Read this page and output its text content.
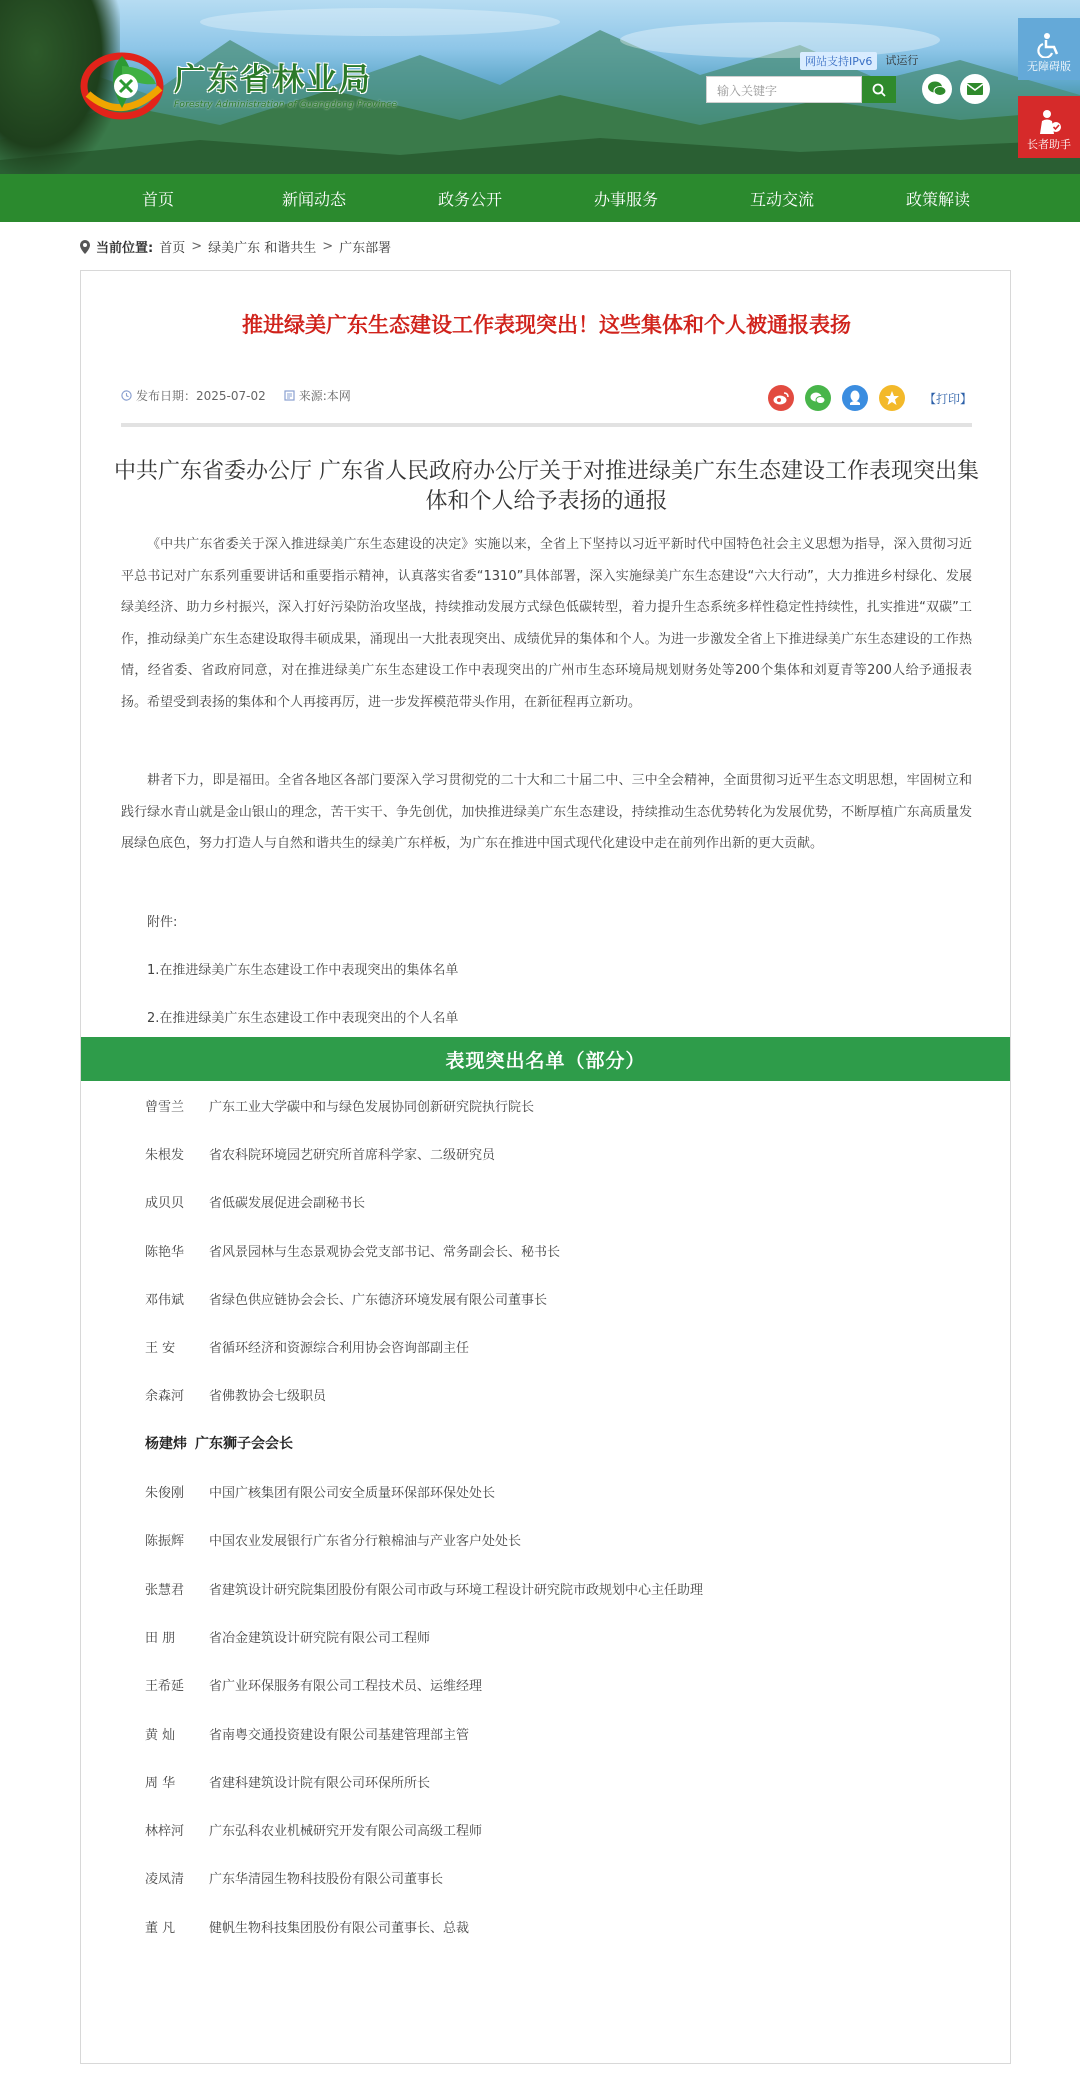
广东省林业局
Forestry Administration of Guangdong Province
网站支持IPv6	试运行
输入关键字
无障碍版
长者助手
首页	新闻动态	政务公开	办事服务	互动交流	政策解读
当前位置: 首页 > 绿美广东 和谐共生 > 广东部署
推进绿美广东生态建设工作表现突出！这些集体和个人被通报表扬
发布日期：2025-07-02	来源:本网	【打印】
中共广东省委办公厅 广东省人民政府办公厅关于对推进绿美广东生态建设工作表现突出集体和个人给予表扬的通报
《中共广东省委关于深入推进绿美广东生态建设的决定》实施以来，全省上下坚持以习近平新时代中国特色社会主义思想为指导，深入贯彻习近平总书记对广东系列重要讲话和重要指示精神，认真落实省委“1310”具体部署，深入实施绿美广东生态建设“六大行动”，大力推进乡村绿化、发展绿美经济、助力乡村振兴，深入打好污染防治攻坚战，持续推动发展方式绿色低碳转型，着力提升生态系统多样性稳定性持续性，扎实推进“双碳”工作，推动绿美广东生态建设取得丰硕成果，涌现出一大批表现突出、成绩优异的集体和个人。为进一步激发全省上下推进绿美广东生态建设的工作热情，经省委、省政府同意，对在推进绿美广东生态建设工作中表现突出的广州市生态环境局规划财务处等200个集体和刘夏青等200人给予通报表扬。希望受到表扬的集体和个人再接再厉，进一步发挥模范带头作用，在新征程再立新功。
耕者下力，即是福田。全省各地区各部门要深入学习贯彻党的二十大和二十届二中、三中全会精神，全面贯彻习近平生态文明思想，牢固树立和践行绿水青山就是金山银山的理念，苦干实干、争先创优，加快推进绿美广东生态建设，持续推动生态优势转化为发展优势，不断厚植广东高质量发展绿色底色，努力打造人与自然和谐共生的绿美广东样板，为广东在推进中国式现代化建设中走在前列作出新的更大贡献。
附件:
1.在推进绿美广东生态建设工作中表现突出的集体名单
2.在推进绿美广东生态建设工作中表现突出的个人名单
表现突出名单（部分）
曾雪兰	广东工业大学碳中和与绿色发展协同创新研究院执行院长
朱根发	省农科院环境园艺研究所首席科学家、二级研究员
成贝贝	省低碳发展促进会副秘书长
陈艳华	省风景园林与生态景观协会党支部书记、常务副会长、秘书长
邓伟斌	省绿色供应链协会会长、广东德济环境发展有限公司董事长
王 安	省循环经济和资源综合利用协会咨询部副主任
余森河	省佛教协会七级职员
杨建炜 广东狮子会会长
朱俊刚	中国广核集团有限公司安全质量环保部环保处处长
陈振辉	中国农业发展银行广东省分行粮棉油与产业客户处处长
张慧君	省建筑设计研究院集团股份有限公司市政与环境工程设计研究院市政规划中心主任助理
田 朋	省冶金建筑设计研究院有限公司工程师
王希延	省广业环保服务有限公司工程技术员、运维经理
黄 灿	省南粤交通投资建设有限公司基建管理部主管
周 华	省建科建筑设计院有限公司环保所所长
林梓河	广东弘科农业机械研究开发有限公司高级工程师
凌凤清	广东华清园生物科技股份有限公司董事长
董 凡	健帆生物科技集团股份有限公司董事长、总裁
